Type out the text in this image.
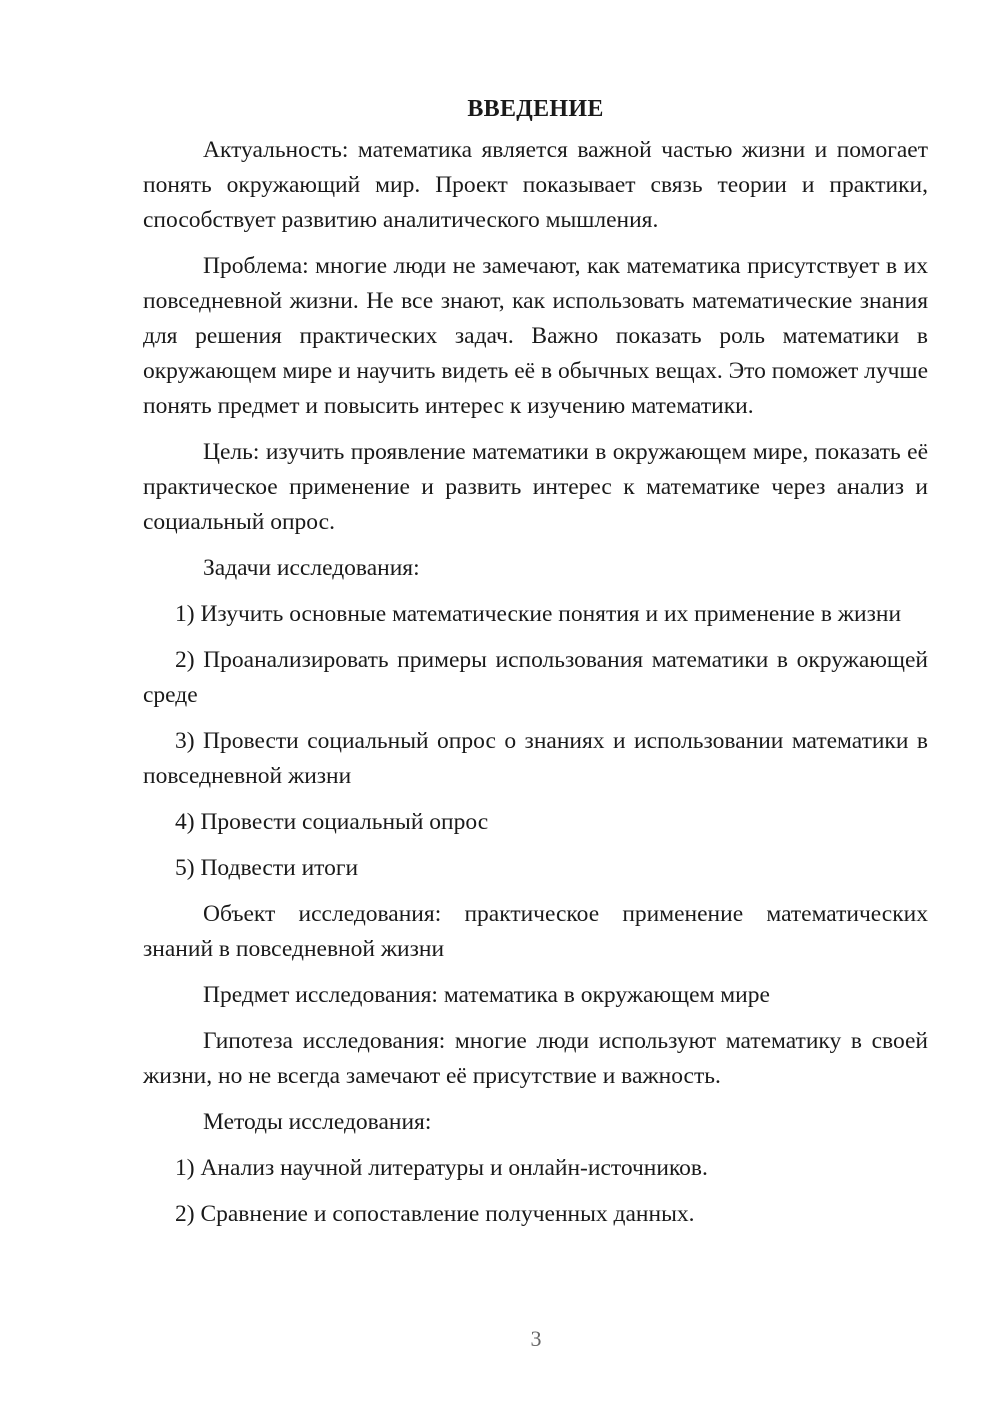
ВВЕДЕНИЕ

Актуальность: математика является важной частью жизни и помогает понять окружающий мир. Проект показывает связь теории и практики, способствует развитию аналитического мышления.

Проблема: многие люди не замечают, как математика присутствует в их повседневной жизни. Не все знают, как использовать математические знания для решения практических задач. Важно показать роль математики в окружающем мире и научить видеть её в обычных вещах. Это поможет лучше понять предмет и повысить интерес к изучению математики.

Цель: изучить проявление математики в окружающем мире, показать её практическое применение и развить интерес к математике через анализ и социальный опрос.

Задачи исследования:

1) Изучить основные математические понятия и их применение в жизни

2) Проанализировать примеры использования математики в окружающей среде

3) Провести социальный опрос о знаниях и использовании математики в повседневной жизни

4) Провести социальный опрос

5) Подвести итоги

Объект исследования: практическое применение математических знаний в повседневной жизни

Предмет исследования: математика в окружающем мире

Гипотеза исследования: многие люди используют математику в своей жизни, но не всегда замечают её присутствие и важность.

Методы исследования:

1) Анализ научной литературы и онлайн-источников.

2) Сравнение и сопоставление полученных данных.

3
